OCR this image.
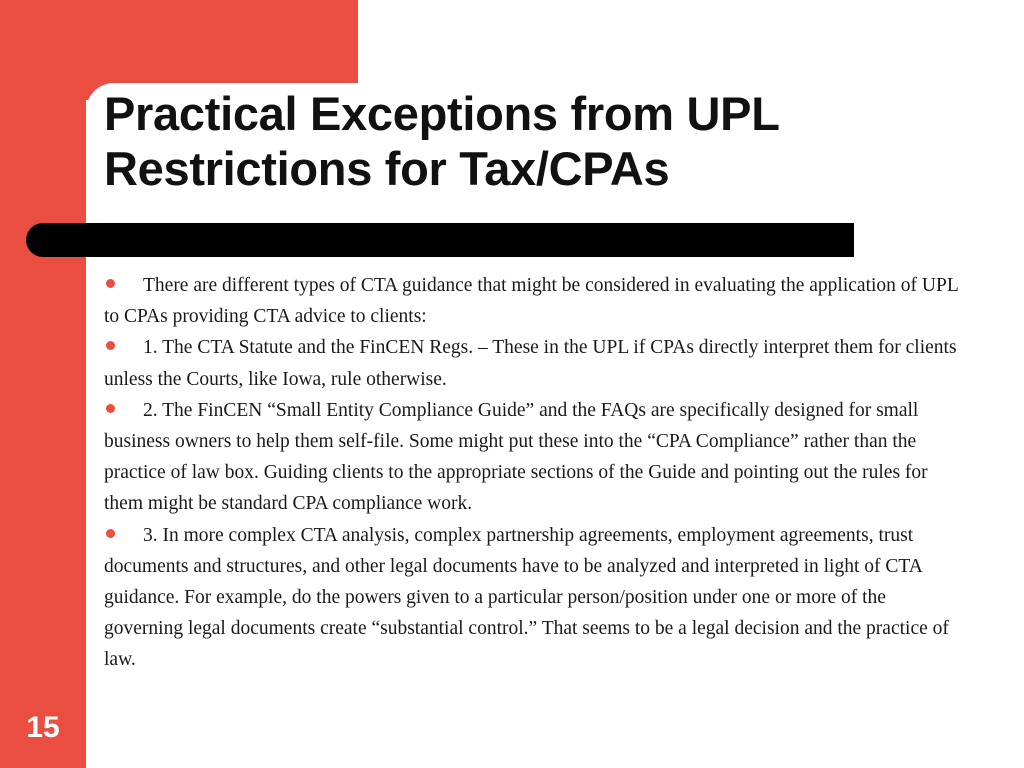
Practical Exceptions from UPL
Restrictions for Tax/CPAs

There are different types of CTA guidance that might be considered in evaluating the application of UPL to CPAs providing CTA advice to clients:

1. The CTA Statute and the FinCEN Regs. – These in the UPL if CPAs directly interpret them for clients unless the Courts, like Iowa, rule otherwise.

2. The FinCEN “Small Entity Compliance Guide” and the FAQs are specifically designed for small business owners to help them self-file. Some might put these into the “CPA Compliance” rather than the practice of law box. Guiding clients to the appropriate sections of the Guide and pointing out the rules for them might be standard CPA compliance work.

3. In more complex CTA analysis, complex partnership agreements, employment agreements, trust documents and structures, and other legal documents have to be analyzed and interpreted in light of CTA guidance. For example, do the powers given to a particular person/position under one or more of the governing legal documents create “substantial control.” That seems to be a legal decision and the practice of law.

15
